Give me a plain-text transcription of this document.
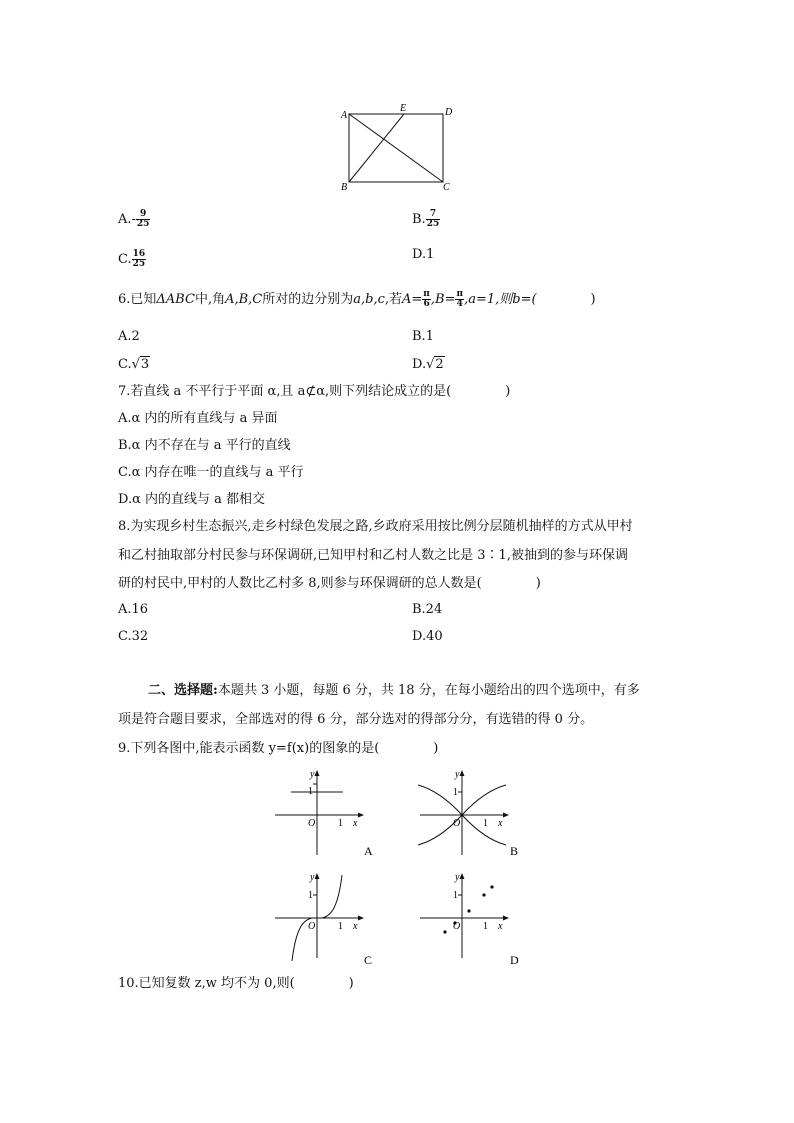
A
E	D
B	C
$A.- \frac{9}{25}$	B. $\frac{7}{25}$
C. $\frac{16}{25}$	D.1
6.已知ΔABC中,角A,B,C所对的边分别为a,b,c,若$A= \frac{\pi}{6} ,B= \frac{\pi}{4} ,a=1$,则b=(	)
A.2	B.1
C.√3	D.√2
7.若直线 a 不平行于平面 α,且 a⊄α,则下列结论成立的是(	)
A.α 内的所有直线与 a 异面
B.α 内不存在与 a 平行的直线
C.α 内存在唯一的直线与 a 平行
D.α 内的直线与 a 都相交
8.为实现乡村生态振兴,走乡村绿色发展之路,乡政府采用按比例分层随机抽样的方式从甲村
和乙村抽取部分村民参与环保调研,已知甲村和乙村人数之比是 3∶1,被抽到的参与环保调
研的村民中,甲村的人数比乙村多 8,则参与环保调研的总人数是(	)
A.16	B.24
C.32	D.40
二、选择题:本题共 3 小题，每题 6 分，共 18 分，在每小题给出的四个选项中，有多
项是符合题目要求，全部选对的得 6 分，部分选对的得部分分，有选错的得 0 分。
9.下列各图中,能表示函数 y=f(x)的图象的是(	)
y
1
O 1 x
A
y
1
O 1 x
B
y
1
O 1 x
C
y
1
O 1 x
D
10.已知复数 z,w 均不为 0,则(	)
